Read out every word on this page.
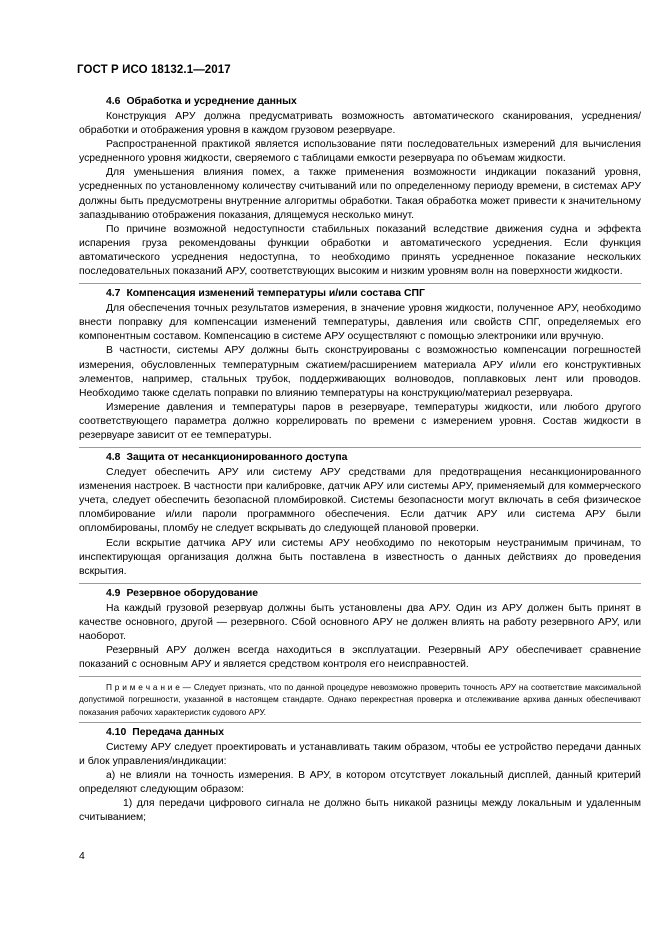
ГОСТ Р ИСО 18132.1—2017
4.6 Обработка и усреднение данных

Конструкция АРУ должна предусматривать возможность автоматического сканирования, усреднения/обработки и отображения уровня в каждом грузовом резервуаре.

Распространенной практикой является использование пяти последовательных измерений для вычисления усредненного уровня жидкости, сверяемого с таблицами емкости резервуара по объемам жидкости.

Для уменьшения влияния помех, а также применения возможности индикации показаний уровня, усредненных по установленному количеству считываний или по определенному периоду времени, в системах АРУ должны быть предусмотрены внутренние алгоритмы обработки. Такая обработка может привести к значительному запаздыванию отображения показания, длящемуся несколько минут.

По причине возможной недоступности стабильных показаний вследствие движения судна и эффекта испарения груза рекомендованы функции обработки и автоматического усреднения. Если функция автоматического усреднения недоступна, то необходимо принять усредненное показание нескольких последовательных показаний АРУ, соответствующих высоким и низким уровням волн на поверхности жидкости.

4.7 Компенсация изменений температуры и/или состава СПГ

Для обеспечения точных результатов измерения, в значение уровня жидкости, полученное АРУ, необходимо внести поправку для компенсации изменений температуры, давления или свойств СПГ, определяемых его компонентным составом. Компенсацию в системе АРУ осуществляют с помощью электроники или вручную.

В частности, системы АРУ должны быть сконструированы с возможностью компенсации погрешностей измерения, обусловленных температурным сжатием/расширением материала АРУ и/или его конструктивных элементов, например, стальных трубок, поддерживающих волноводов, поплавковых лент или проводов. Необходимо также сделать поправки по влиянию температуры на конструкцию/материал резервуара.

Измерение давления и температуры паров в резервуаре, температуры жидкости, или любого другого соответствующего параметра должно коррелировать по времени с измерением уровня. Состав жидкости в резервуаре зависит от ее температуры.

4.8 Защита от несанкционированного доступа

Следует обеспечить АРУ или систему АРУ средствами для предотвращения несанкционированного изменения настроек. В частности при калибровке, датчик АРУ или системы АРУ, применяемый для коммерческого учета, следует обеспечить безопасной пломбировкой. Системы безопасности могут включать в себя физическое пломбирование и/или пароли программного обеспечения. Если датчик АРУ или система АРУ были опломбированы, пломбу не следует вскрывать до следующей плановой проверки.

Если вскрытие датчика АРУ или системы АРУ необходимо по некоторым неустранимым причинам, то инспектирующая организация должна быть поставлена в известность о данных действиях до проведения вскрытия.

4.9 Резервное оборудование

На каждый грузовой резервуар должны быть установлены два АРУ. Один из АРУ должен быть принят в качестве основного, другой — резервного. Сбой основного АРУ не должен влиять на работу резервного АРУ, или наоборот.

Резервный АРУ должен всегда находиться в эксплуатации. Резервный АРУ обеспечивает сравнение показаний с основным АРУ и является средством контроля его неисправностей.

П р и м е ч а н и е — Следует признать, что по данной процедуре невозможно проверить точность АРУ на соответствие максимальной допустимой погрешности, указанной в настоящем стандарте. Однако перекрестная проверка и отслеживание архива данных обеспечивают показания рабочих характеристик судового АРУ.

4.10 Передача данных

Систему АРУ следует проектировать и устанавливать таким образом, чтобы ее устройство передачи данных и блок управления/индикации:

а) не влияли на точность измерения. В АРУ, в котором отсутствует локальный дисплей, данный критерий определяют следующим образом:

1) для передачи цифрового сигнала не должно быть никакой разницы между локальным и удаленным считыванием;

4
